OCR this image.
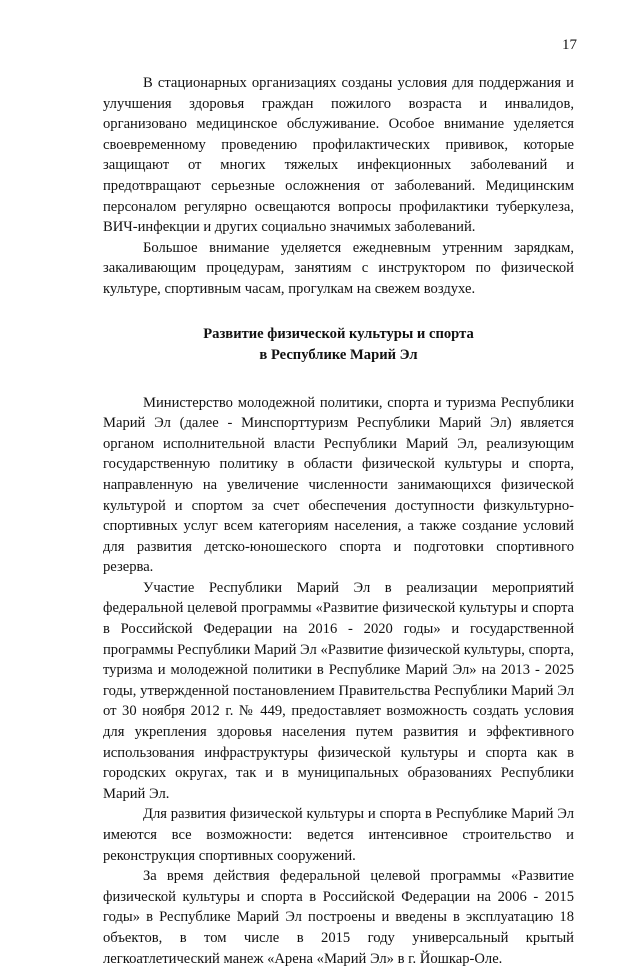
17

В стационарных организациях созданы условия для поддержания и улучшения здоровья граждан пожилого возраста и инвалидов, организовано медицинское обслуживание. Особое внимание уделяется своевременному проведению профилактических прививок, которые защищают от многих тяжелых инфекционных заболеваний и предотвращают серьезные осложнения от заболеваний. Медицинским персоналом регулярно освещаются вопросы профилактики туберкулеза, ВИЧ-инфекции и других социально значимых заболеваний.

Большое внимание уделяется ежедневным утренним зарядкам, закаливающим процедурам, занятиям с инструктором по физической культуре, спортивным часам, прогулкам на свежем воздухе.

Развитие физической культуры и спорта
в Республике Марий Эл

Министерство молодежной политики, спорта и туризма Республики Марий Эл (далее - Минспорттуризм Республики Марий Эл) является органом исполнительной власти Республики Марий Эл, реализующим государственную политику в области физической культуры и спорта, направленную на увеличение численности занимающихся физической культурой и спортом за счет обеспечения доступности физкультурно-спортивных услуг всем категориям населения, а также создание условий для развития детско-юношеского спорта и подготовки спортивного резерва.

Участие Республики Марий Эл в реализации мероприятий федеральной целевой программы «Развитие физической культуры и спорта в Российской Федерации на 2016 - 2020 годы» и государственной программы Республики Марий Эл «Развитие физической культуры, спорта, туризма и молодежной политики в Республике Марий Эл» на 2013 - 2025 годы, утвержденной постановлением Правительства Республики Марий Эл от 30 ноября 2012 г. № 449, предоставляет возможность создать условия для укрепления здоровья населения путем развития и эффективного использования инфраструктуры физической культуры и спорта как в городских округах, так и в муниципальных образованиях Республики Марий Эл.

Для развития физической культуры и спорта в Республике Марий Эл имеются все возможности: ведется интенсивное строительство и реконструкция спортивных сооружений.

За время действия федеральной целевой программы «Развитие физической культуры и спорта в Российской Федерации на 2006 - 2015 годы» в Республике Марий Эл построены и введены в эксплуатацию 18 объектов, в том числе в 2015 году универсальный крытый легкоатлетический манеж «Арена «Марий Эл» в г. Йошкар-Оле.
